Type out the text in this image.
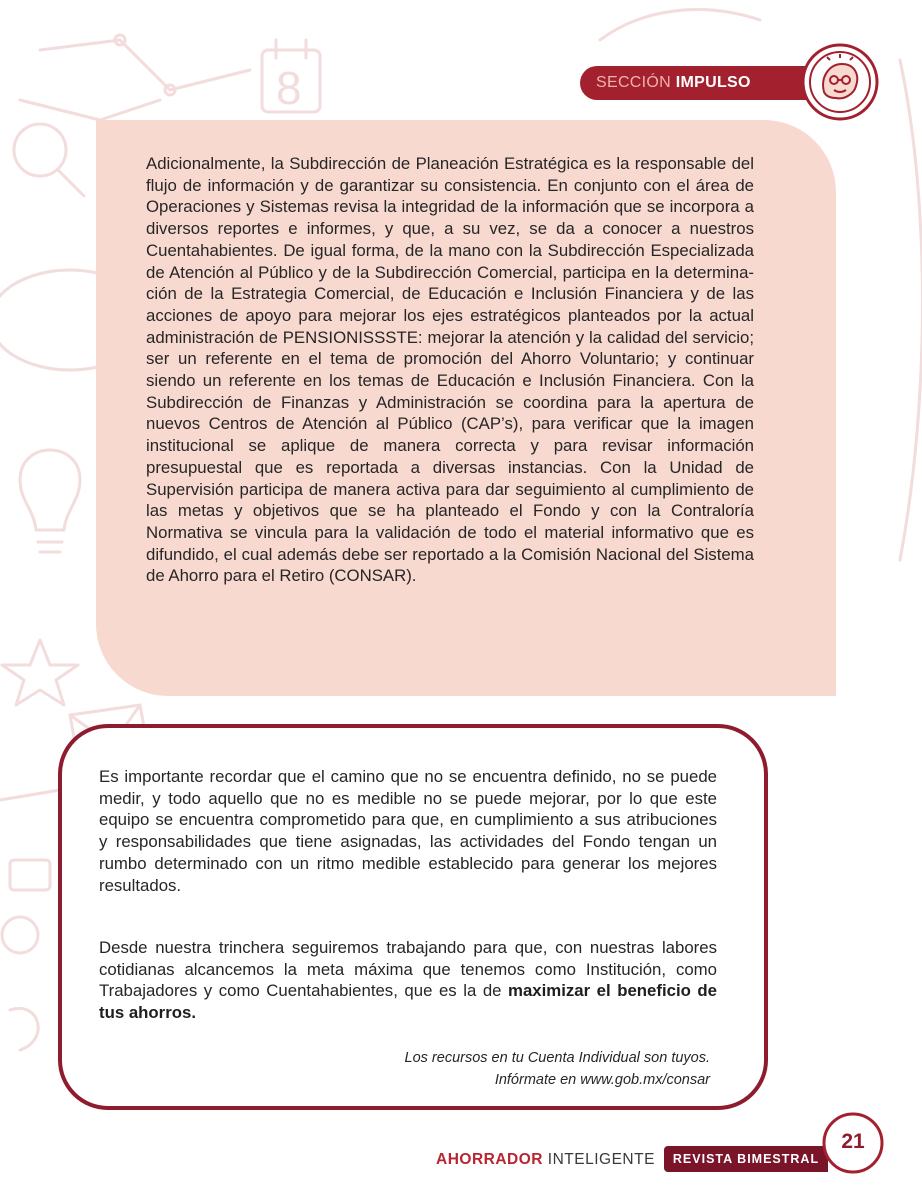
8	SECCIÓN IMPULSO

Adicionalmente, la Subdirección de Planeación Estratégica es la responsable del flujo de información y de garantizar su consistencia. En conjunto con el área de Operaciones y Sistemas revisa la integridad de la información que se incorpora a diversos reportes e informes, y que, a su vez, se da a conocer a nuestros Cuentahabientes. De igual forma, de la mano con la Subdirección Especializada de Atención al Público y de la Subdirección Comercial, participa en la determinación de la Estrategia Comercial, de Educación e Inclusión Financiera y de las acciones de apoyo para mejorar los ejes estratégicos planteados por la actual administración de PENSIONISSSTE: mejorar la atención y la calidad del servicio; ser un referente en el tema de promoción del Ahorro Voluntario; y continuar siendo un referente en los temas de Educación e Inclusión Financiera. Con la Subdirección de Finanzas y Administración se coordina para la apertura de nuevos Centros de Atención al Público (CAP’s), para verificar que la imagen institucional se aplique de manera correcta y para revisar información presupuestal que es reportada a diversas instancias. Con la Unidad de Supervisión participa de manera activa para dar seguimiento al cumplimiento de las metas y objetivos que se ha planteado el Fondo y con la Contraloría Normativa se vincula para la validación de todo el material informativo que es difundido, el cual además debe ser reportado a la Comisión Nacional del Sistema de Ahorro para el Retiro (CONSAR).

Es importante recordar que el camino que no se encuentra definido, no se puede medir, y todo aquello que no es medible no se puede mejorar, por lo que este equipo se encuentra comprometido para que, en cumplimiento a sus atribuciones y responsabilidades que tiene asignadas, las actividades del Fondo tengan un rumbo determinado con un ritmo medible establecido para generar los mejores resultados.

Desde nuestra trinchera seguiremos trabajando para que, con nuestras labores cotidianas alcancemos la meta máxima que tenemos como Institución, como Trabajadores y como Cuentahabientes, que es la de maximizar el beneficio de tus ahorros.

Los recursos en tu Cuenta Individual son tuyos.

Infórmate en www.gob.mx/consar

AHORRADOR INTELIGENTE	REVISTA BIMESTRAL
21
